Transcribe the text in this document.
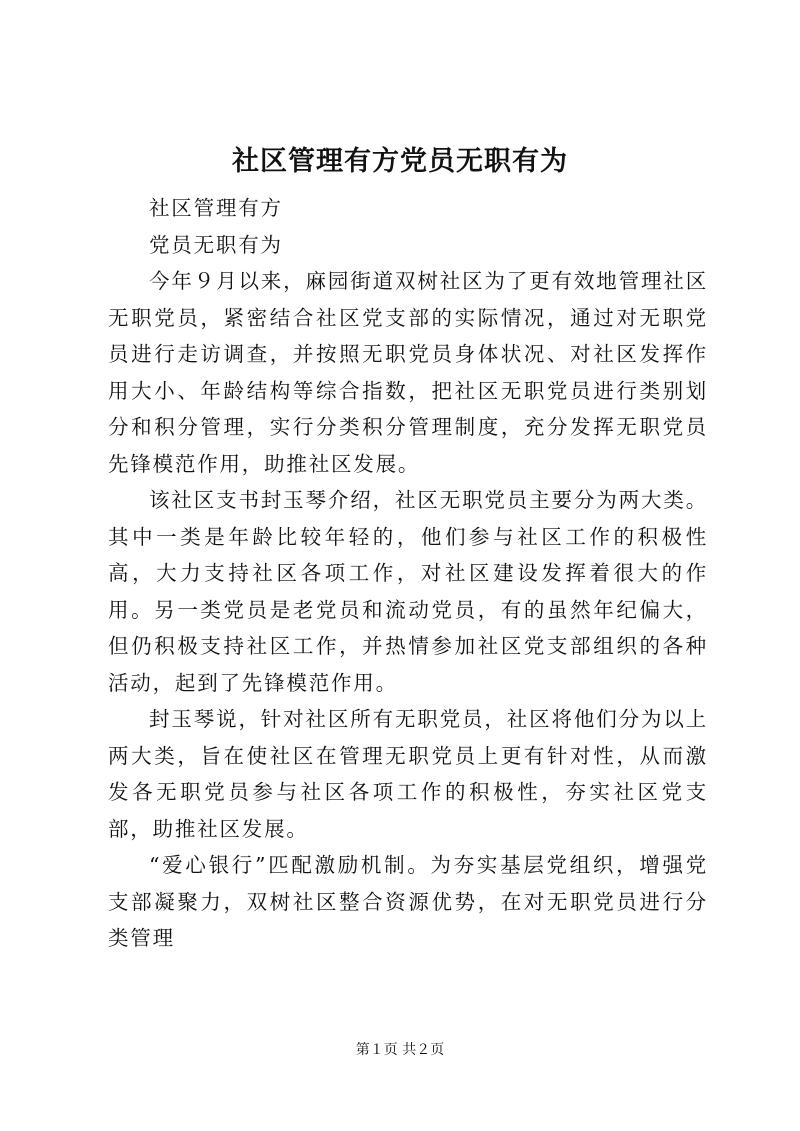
社区管理有方党员无职有为

社区管理有方

党员无职有为

今年９月以来，麻园街道双树社区为了更有效地管理社区无职党员，紧密结合社区党支部的实际情况，通过对无职党员进行走访调查，并按照无职党员身体状况、对社区发挥作用大小、年龄结构等综合指数，把社区无职党员进行类别划分和积分管理，实行分类积分管理制度，充分发挥无职党员先锋模范作用，助推社区发展。

该社区支书封玉琴介绍，社区无职党员主要分为两大类。其中一类是年龄比较年轻的，他们参与社区工作的积极性高，大力支持社区各项工作，对社区建设发挥着很大的作用。另一类党员是老党员和流动党员，有的虽然年纪偏大，但仍积极支持社区工作，并热情参加社区党支部组织的各种活动，起到了先锋模范作用。

封玉琴说，针对社区所有无职党员，社区将他们分为以上两大类，旨在使社区在管理无职党员上更有针对性，从而激发各无职党员参与社区各项工作的积极性，夯实社区党支部，助推社区发展。

“爱心银行”匹配激励机制。为夯实基层党组织，增强党支部凝聚力，双树社区整合资源优势，在对无职党员进行分类管理

第１页 共２页
